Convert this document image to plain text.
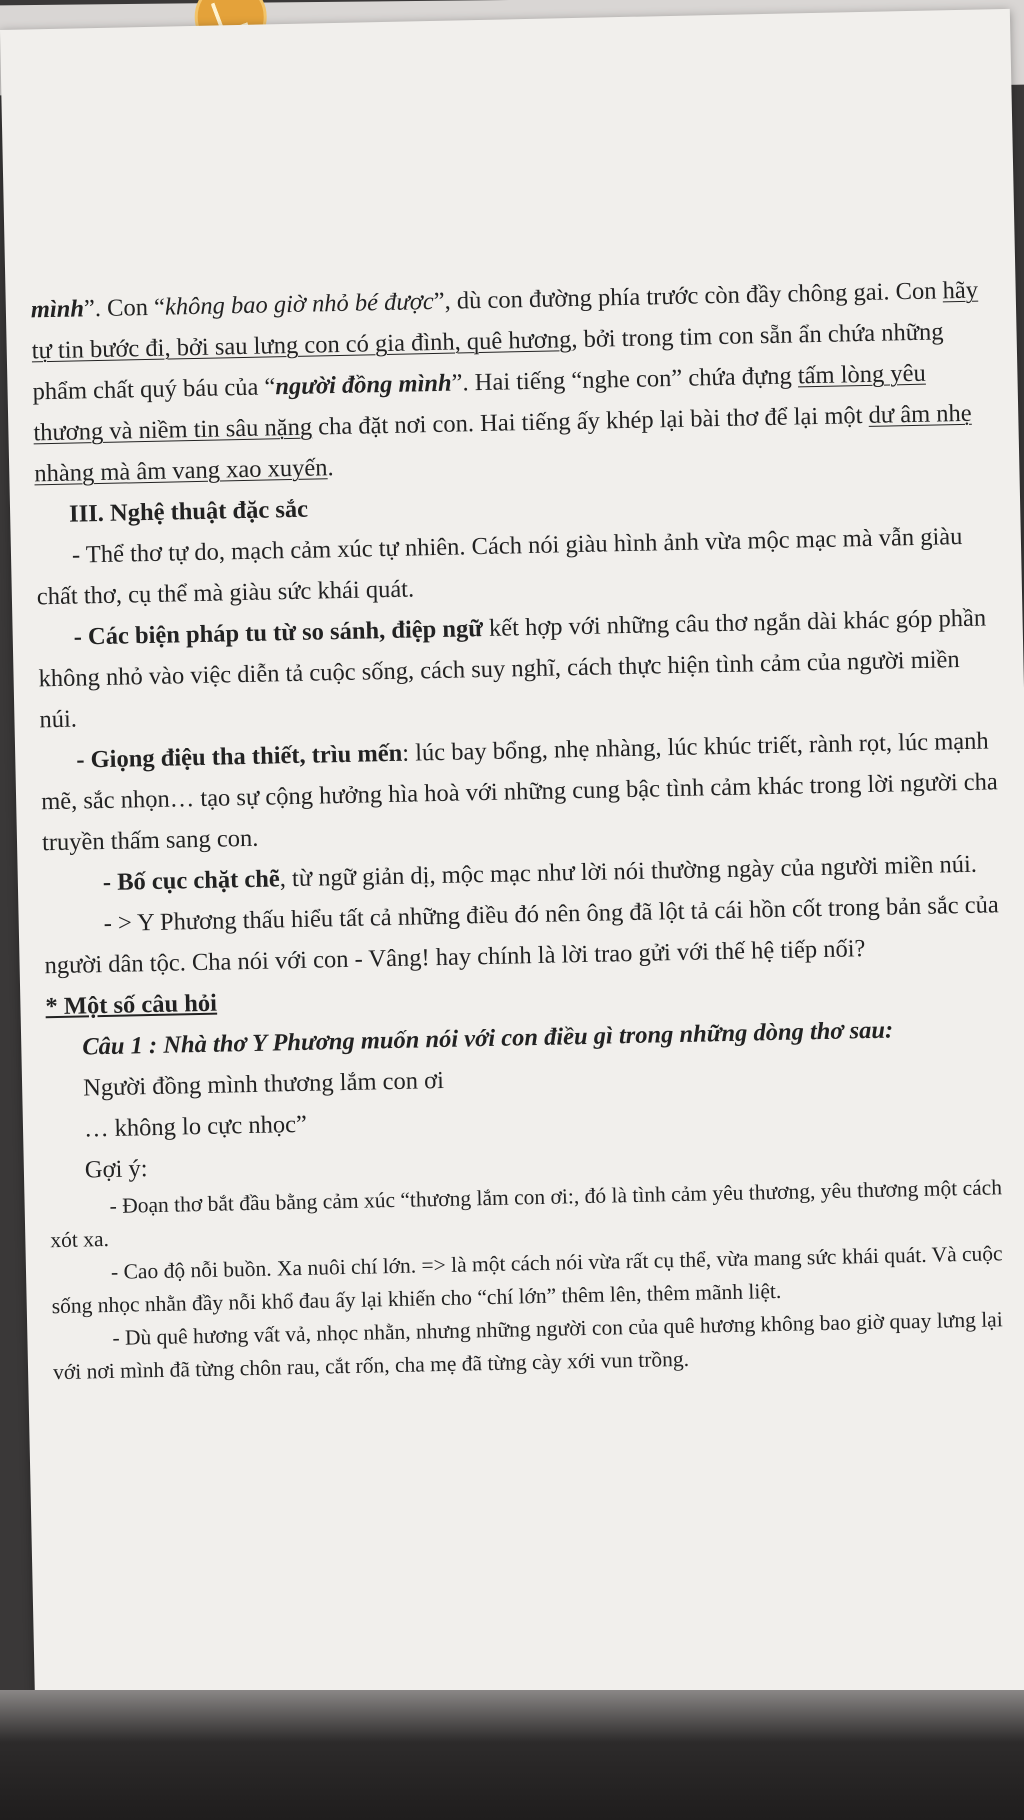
mình”. Con “không bao giờ nhỏ bé được”, dù con đường phía trước còn đầy chông gai. Con hãy tự tin bước đi, bởi sau lưng con có gia đình, quê hương, bởi trong tim con sẵn ẩn chứa những phẩm chất quý báu của “người đồng mình”. Hai tiếng “nghe con” chứa đựng tấm lòng yêu thương và niềm tin sâu nặng cha đặt nơi con. Hai tiếng ấy khép lại bài thơ để lại một dư âm nhẹ nhàng mà âm vang xao xuyến.

III. Nghệ thuật đặc sắc

- Thể thơ tự do, mạch cảm xúc tự nhiên. Cách nói giàu hình ảnh vừa mộc mạc mà vẫn giàu chất thơ, cụ thể mà giàu sức khái quát.

- Các biện pháp tu từ so sánh, điệp ngữ kết hợp với những câu thơ ngắn dài khác góp phần không nhỏ vào việc diễn tả cuộc sống, cách suy nghĩ, cách thực hiện tình cảm của người miền núi.

- Giọng điệu tha thiết, trìu mến: lúc bay bổng, nhẹ nhàng, lúc khúc triết, rành rọt, lúc mạnh mẽ, sắc nhọn… tạo sự cộng hưởng hìa hoà với những cung bậc tình cảm khác trong lời người cha truyền thấm sang con.

- Bố cục chặt chẽ, từ ngữ giản dị, mộc mạc như lời nói thường ngày của người miền núi.

- > Y Phương thấu hiểu tất cả những điều đó nên ông đã lột tả cái hồn cốt trong bản sắc của người dân tộc. Cha nói với con - Vâng! hay chính là lời trao gửi với thế hệ tiếp nối?

* Một số câu hỏi

Câu 1 : Nhà thơ Y Phương muốn nói với con điều gì trong những dòng thơ sau:

Người đồng mình thương lắm con ơi

… không lo cực nhọc”

Gợi ý:

- Đoạn thơ bắt đầu bằng cảm xúc “thương lắm con ơi:, đó là tình cảm yêu thương, yêu thương một cách xót xa.

- Cao độ nỗi buồn. Xa nuôi chí lớn. => là một cách nói vừa rất cụ thể, vừa mang sức khái quát. Và cuộc sống nhọc nhằn đầy nỗi khổ đau ấy lại khiến cho “chí lớn” thêm lên, thêm mãnh liệt.

- Dù quê hương vất vả, nhọc nhằn, nhưng những người con của quê hương không bao giờ quay lưng lại với nơi mình đã từng chôn rau, cắt rốn, cha mẹ đã từng cày xới vun trồng.
